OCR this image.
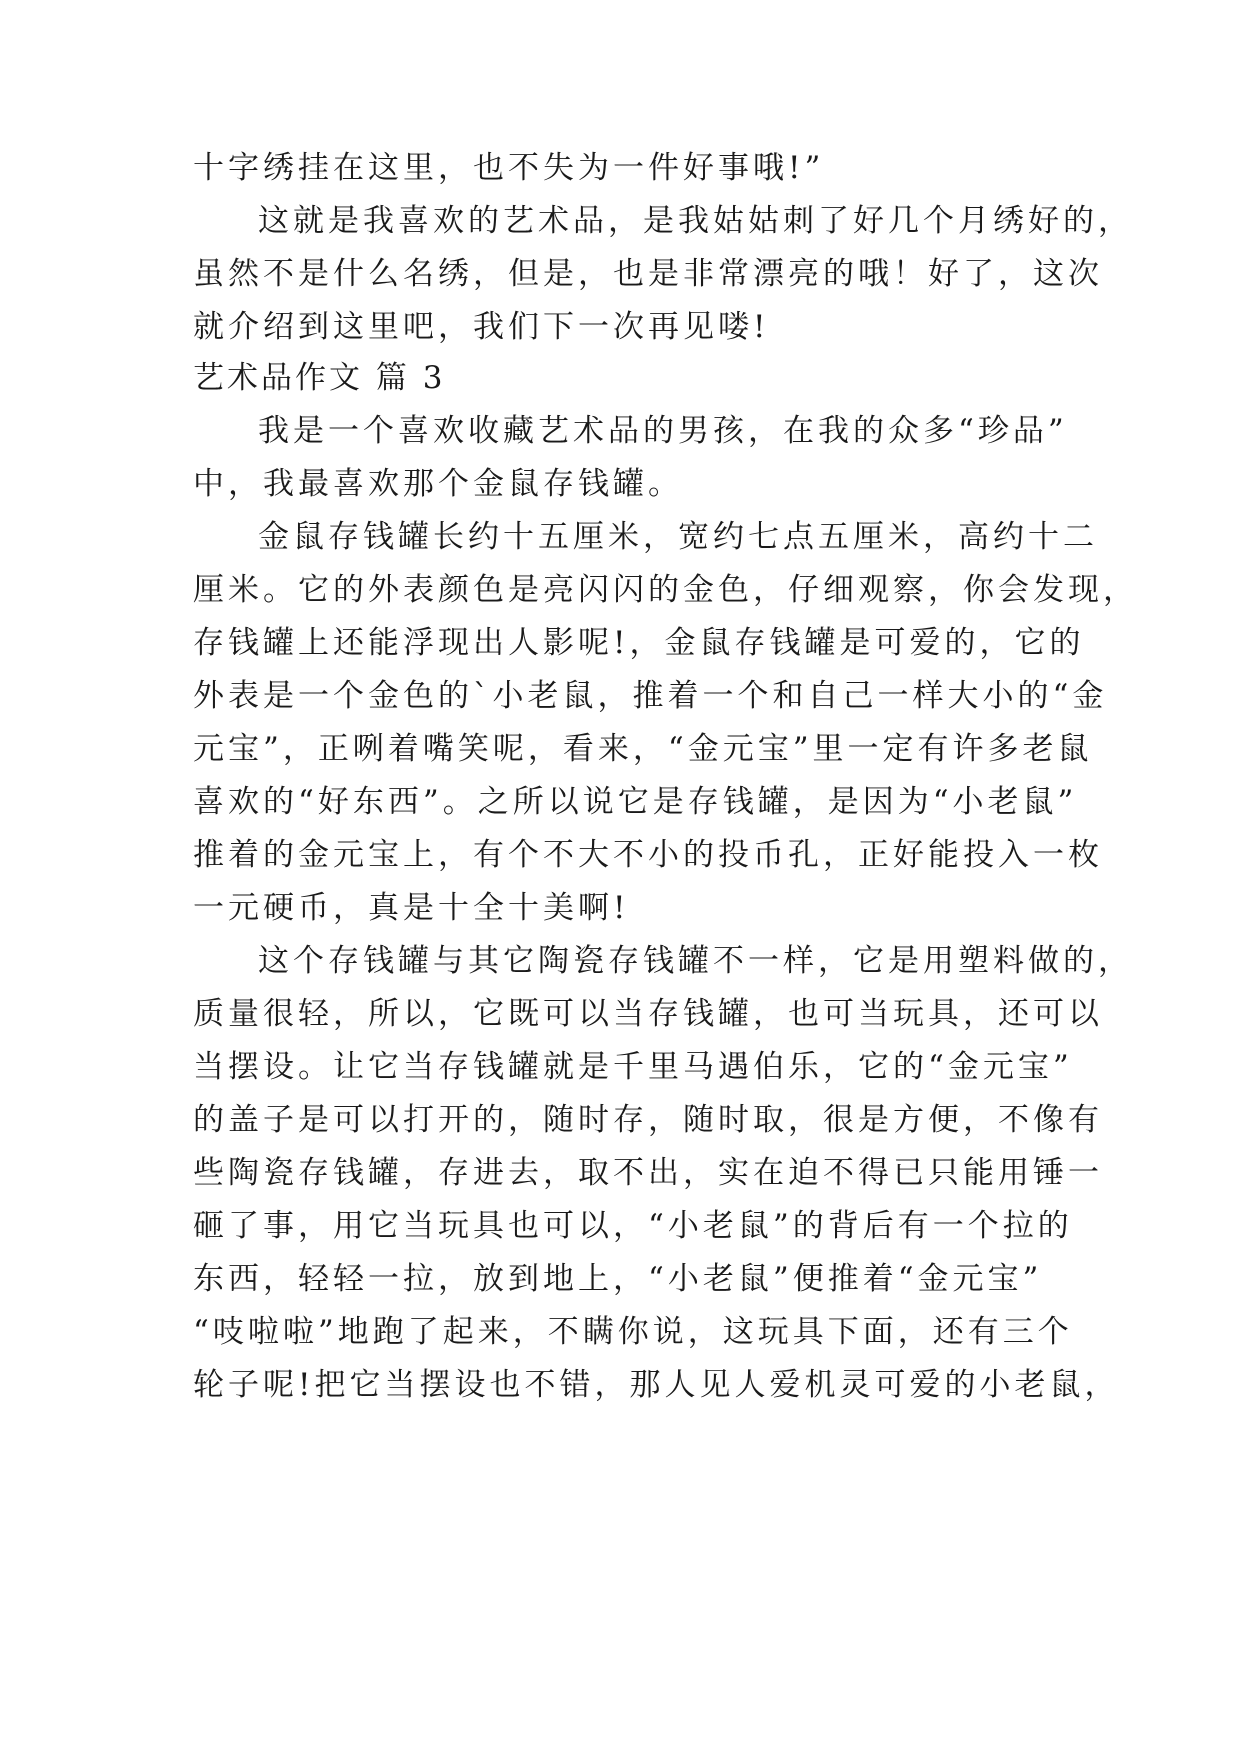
十字绣挂在这里，也不失为一件好事哦!”
这就是我喜欢的艺术品，是我姑姑刺了好几个月绣好的，
虽然不是什么名绣，但是，也是非常漂亮的哦！好了，这次
就介绍到这里吧，我们下一次再见喽!
艺术品作文 篇 3
我是一个喜欢收藏艺术品的男孩，在我的众多“珍品”
中，我最喜欢那个金鼠存钱罐。
金鼠存钱罐长约十五厘米，宽约七点五厘米，高约十二
厘米。它的外表颜色是亮闪闪的金色，仔细观察，你会发现，
存钱罐上还能浮现出人影呢!，金鼠存钱罐是可爱的，它的
外表是一个金色的`小老鼠，推着一个和自己一样大小的“金
元宝”，正咧着嘴笑呢，看来，“金元宝”里一定有许多老鼠
喜欢的“好东西”。之所以说它是存钱罐，是因为“小老鼠”
推着的金元宝上，有个不大不小的投币孔，正好能投入一枚
一元硬币，真是十全十美啊!
这个存钱罐与其它陶瓷存钱罐不一样，它是用塑料做的，
质量很轻，所以，它既可以当存钱罐，也可当玩具，还可以
当摆设。让它当存钱罐就是千里马遇伯乐，它的“金元宝”
的盖子是可以打开的，随时存，随时取，很是方便，不像有
些陶瓷存钱罐，存进去，取不出，实在迫不得已只能用锤一
砸了事，用它当玩具也可以，“小老鼠”的背后有一个拉的
东西，轻轻一拉，放到地上，“小老鼠”便推着“金元宝”
“吱啦啦”地跑了起来，不瞒你说，这玩具下面，还有三个
轮子呢!把它当摆设也不错，那人见人爱机灵可爱的小老鼠，
